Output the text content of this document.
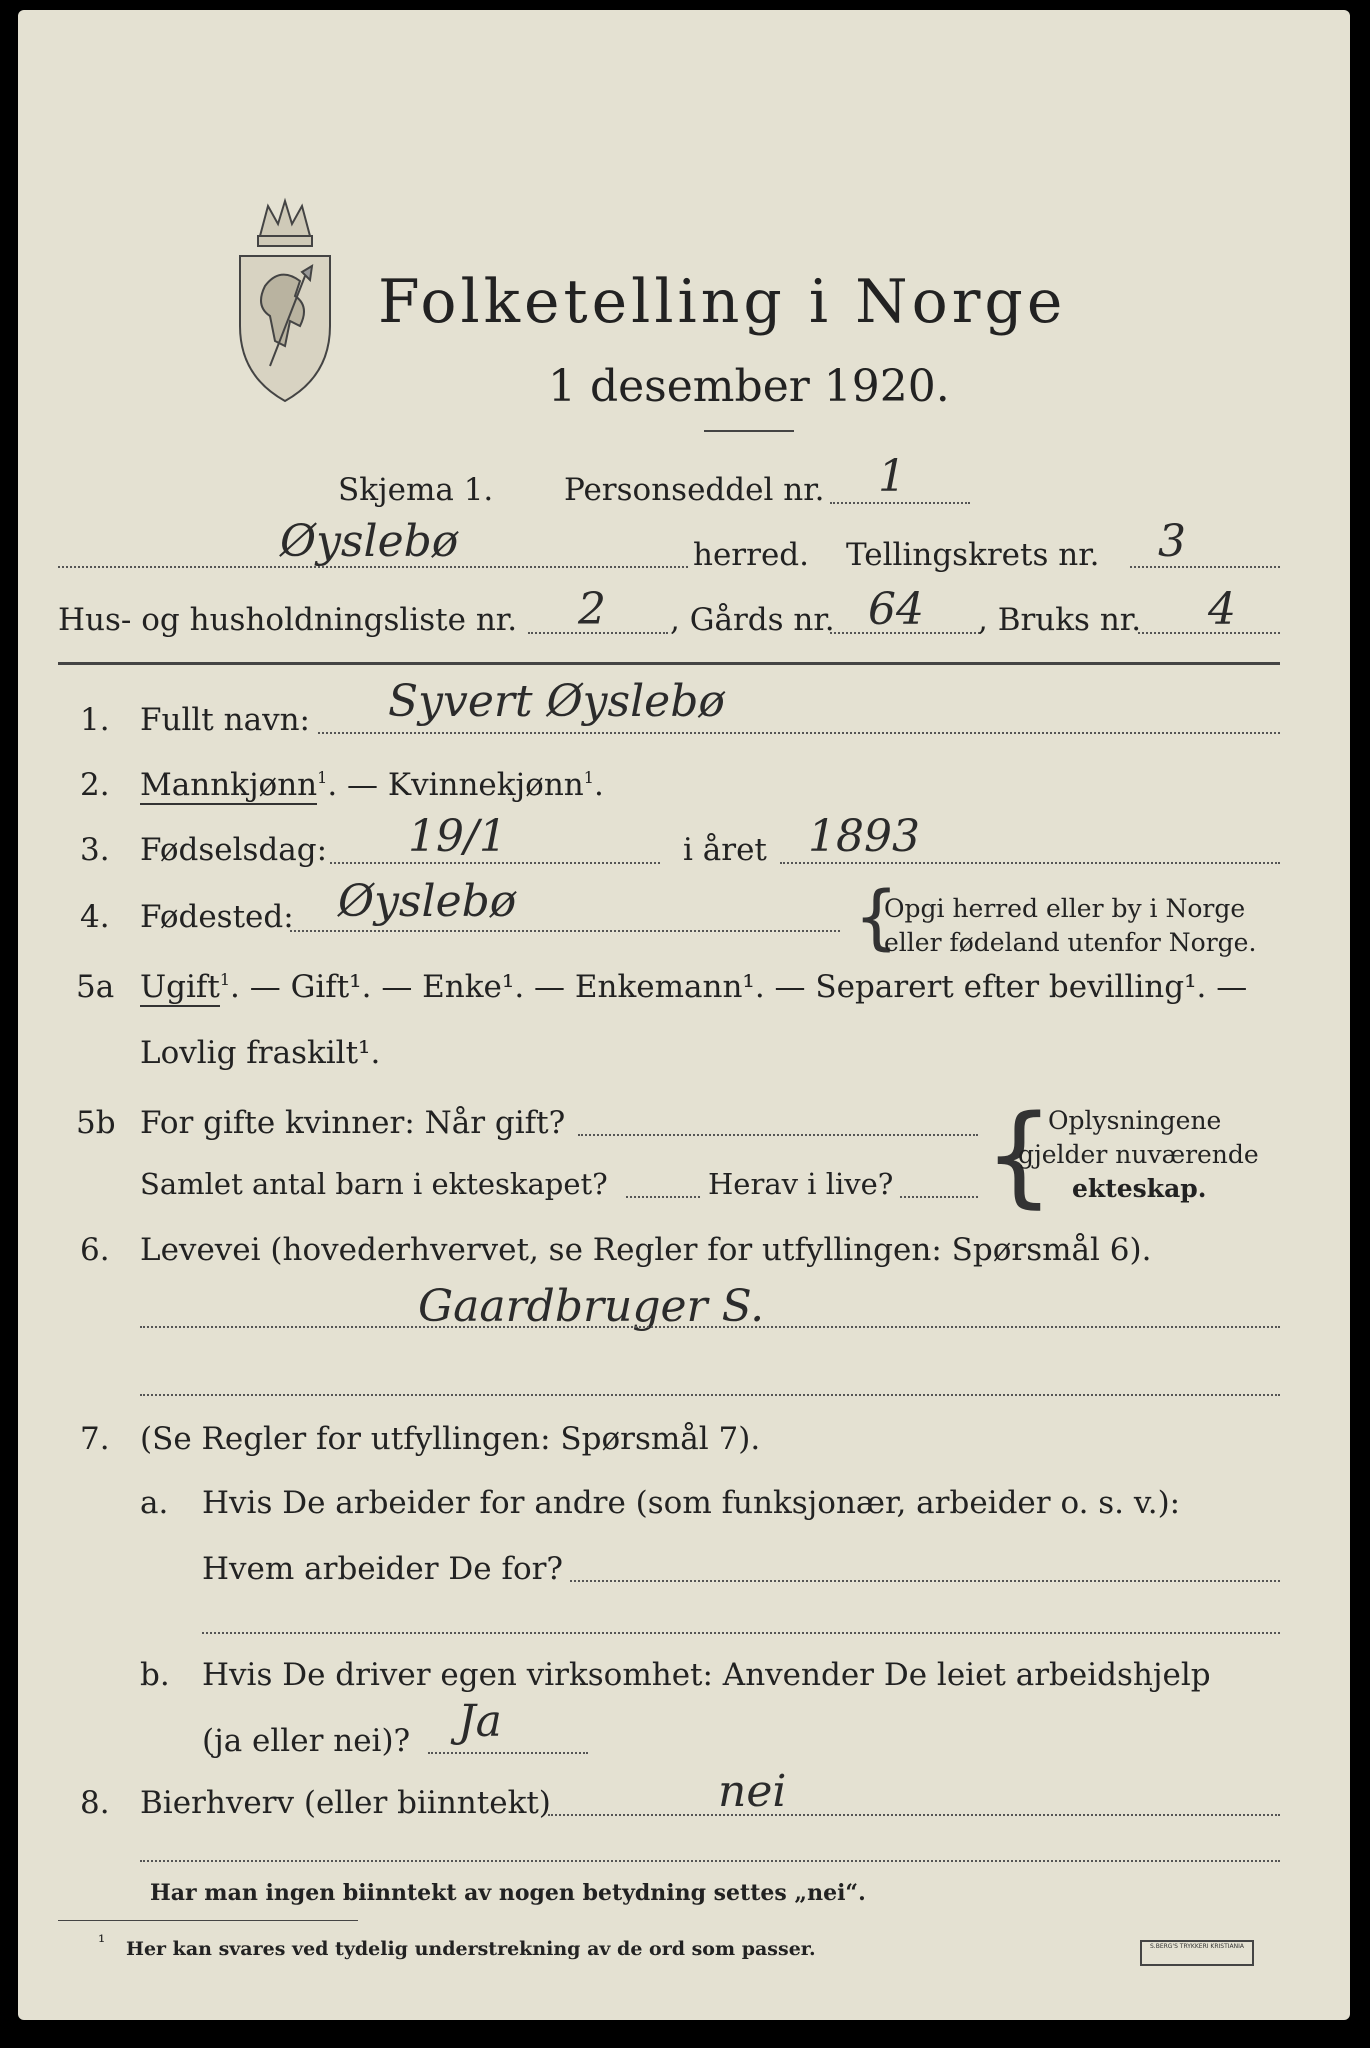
Folketelling i Norge
1 desember 1920.
Skjema 1. Personseddel nr. 1
Øyslebø	herred. Tellingskrets nr. 3
Hus- og husholdningsliste nr. 2 , Gårds nr. 64 , Bruks nr. 4
1. Fullt navn: Syvert Øyslebø
2. Mannkjønn$^1$. — Kvinnekjønn$^1$.
3. Fødselsdag: 19/1	i året 1893
4. Fødested: Øyslebø	{
Opgi herred eller by i Norge
eller fødeland utenfor Norge.
5a Ugift$^1$. — Gift¹. — Enke¹. — Enkemann¹. — Separert efter bevilling¹. —
Lovlig fraskilt¹.
5b For gifte kvinner: Når gift?
Samlet antal barn i ekteskapet?	Herav i live? {
Oplysningene
gjelder nuværende
ekteskap.
6. Levevei (hovederhvervet, se Regler for utfyllingen: Spørsmål 6).
Gaardbruger S.
7. (Se Regler for utfyllingen: Spørsmål 7).
a. Hvis De arbeider for andre (som funksjonær, arbeider o. s. v.):
Hvem arbeider De for?
b. Hvis De driver egen virksomhet: Anvender De leiet arbeidshjelp
(ja eller nei)? Ja
8. Bierhverv (eller biinntekt)	nei
Har man ingen biinntekt av nogen betydning settes „nei“.
¹ Her kan svares ved tydelig understrekning av de ord som passer.	S.BERG'S TRYKKERI KRISTIANIA
